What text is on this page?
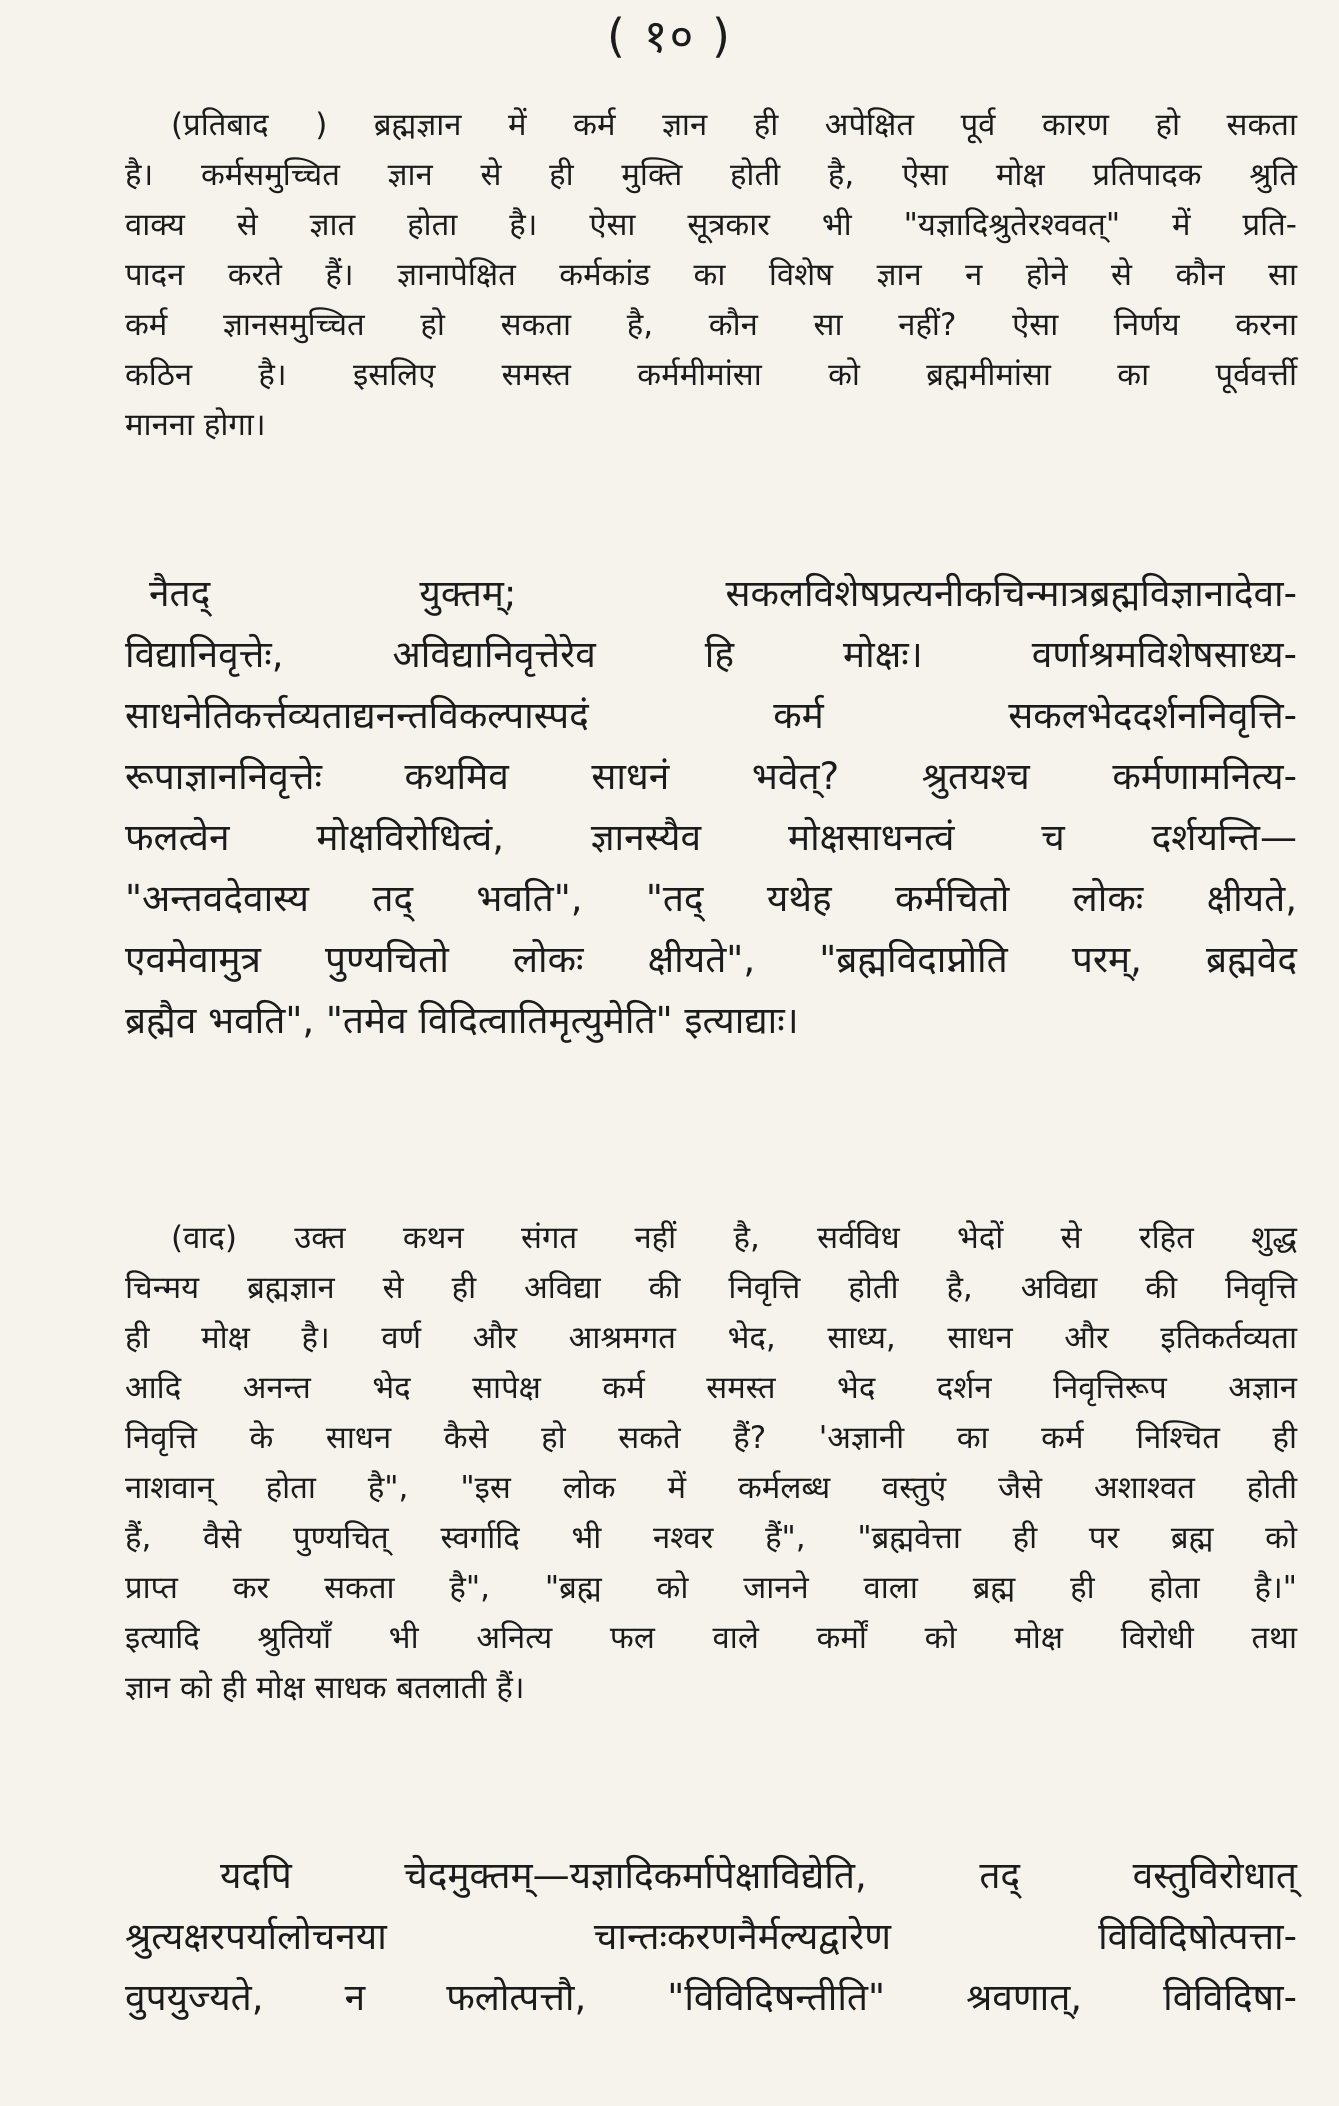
( १० )
(प्रतिबाद ) ब्रह्मज्ञान में कर्म ज्ञान ही अपेक्षित पूर्व कारण हो सकता
है। कर्मसमुच्चित ज्ञान से ही मुक्ति होती है, ऐसा मोक्ष प्रतिपादक श्रुति
वाक्य से ज्ञात होता है। ऐसा सूत्रकार भी "यज्ञादिश्रुतेरश्ववत्" में प्रति-
पादन करते हैं। ज्ञानापेक्षित कर्मकांड का विशेष ज्ञान न होने से कौन सा
कर्म ज्ञानसमुच्चित हो सकता है, कौन सा नहीं? ऐसा निर्णय करना
कठिन है। इसलिए समस्त कर्ममीमांसा को ब्रह्ममीमांसा का पूर्ववर्त्ती
मानना होगा।
नैतद् युक्तम्; सकलविशेषप्रत्यनीकचिन्मात्रब्रह्मविज्ञानादेवा-
विद्यानिवृत्तेः, अविद्यानिवृत्तेरेव हि मोक्षः। वर्णाश्रमविशेषसाध्य-
साधनेतिकर्त्तव्यताद्यनन्तविकल्पास्पदं कर्म सकलभेददर्शननिवृत्ति-
रूपाज्ञाननिवृत्तेः कथमिव साधनं भवेत्? श्रुतयश्च कर्मणामनित्य-
फलत्वेन मोक्षविरोधित्वं, ज्ञानस्यैव मोक्षसाधनत्वं च दर्शयन्ति—
"अन्तवदेवास्य तद् भवति", "तद् यथेह कर्मचितो लोकः क्षीयते,
एवमेवामुत्र पुण्यचितो लोकः क्षीयते", "ब्रह्मविदाप्नोति परम्, ब्रह्मवेद
ब्रह्मैव भवति", "तमेव विदित्वातिमृत्युमेति" इत्याद्याः।
(वाद) उक्त कथन संगत नहीं है, सर्वविध भेदों से रहित शुद्ध
चिन्मय ब्रह्मज्ञान से ही अविद्या की निवृत्ति होती है, अविद्या की निवृत्ति
ही मोक्ष है। वर्ण और आश्रमगत भेद, साध्य, साधन और इतिकर्तव्यता
आदि अनन्त भेद सापेक्ष कर्म समस्त भेद दर्शन निवृत्तिरूप अज्ञान
निवृत्ति के साधन कैसे हो सकते हैं? 'अज्ञानी का कर्म निश्चित ही
नाशवान् होता है", "इस लोक में कर्मलब्ध वस्तुएं जैसे अशाश्वत होती
हैं, वैसे पुण्यचित् स्वर्गादि भी नश्वर हैं", "ब्रह्मवेत्ता ही पर ब्रह्म को
प्राप्त कर सकता है", "ब्रह्म को जानने वाला ब्रह्म ही होता है।"
इत्यादि श्रुतियाँ भी अनित्य फल वाले कर्मों को मोक्ष विरोधी तथा
ज्ञान को ही मोक्ष साधक बतलाती हैं।
यदपि चेदमुक्तम्—यज्ञादिकर्मापेक्षाविद्येति, तद् वस्तुविरोधात्
श्रुत्यक्षरपर्यालोचनया चान्तःकरणनैर्मल्यद्वारेण विविदिषोत्पत्ता-
वुपयुज्यते, न फलोत्पत्तौ, "विविदिषन्तीति" श्रवणात्, विविदिषा-
